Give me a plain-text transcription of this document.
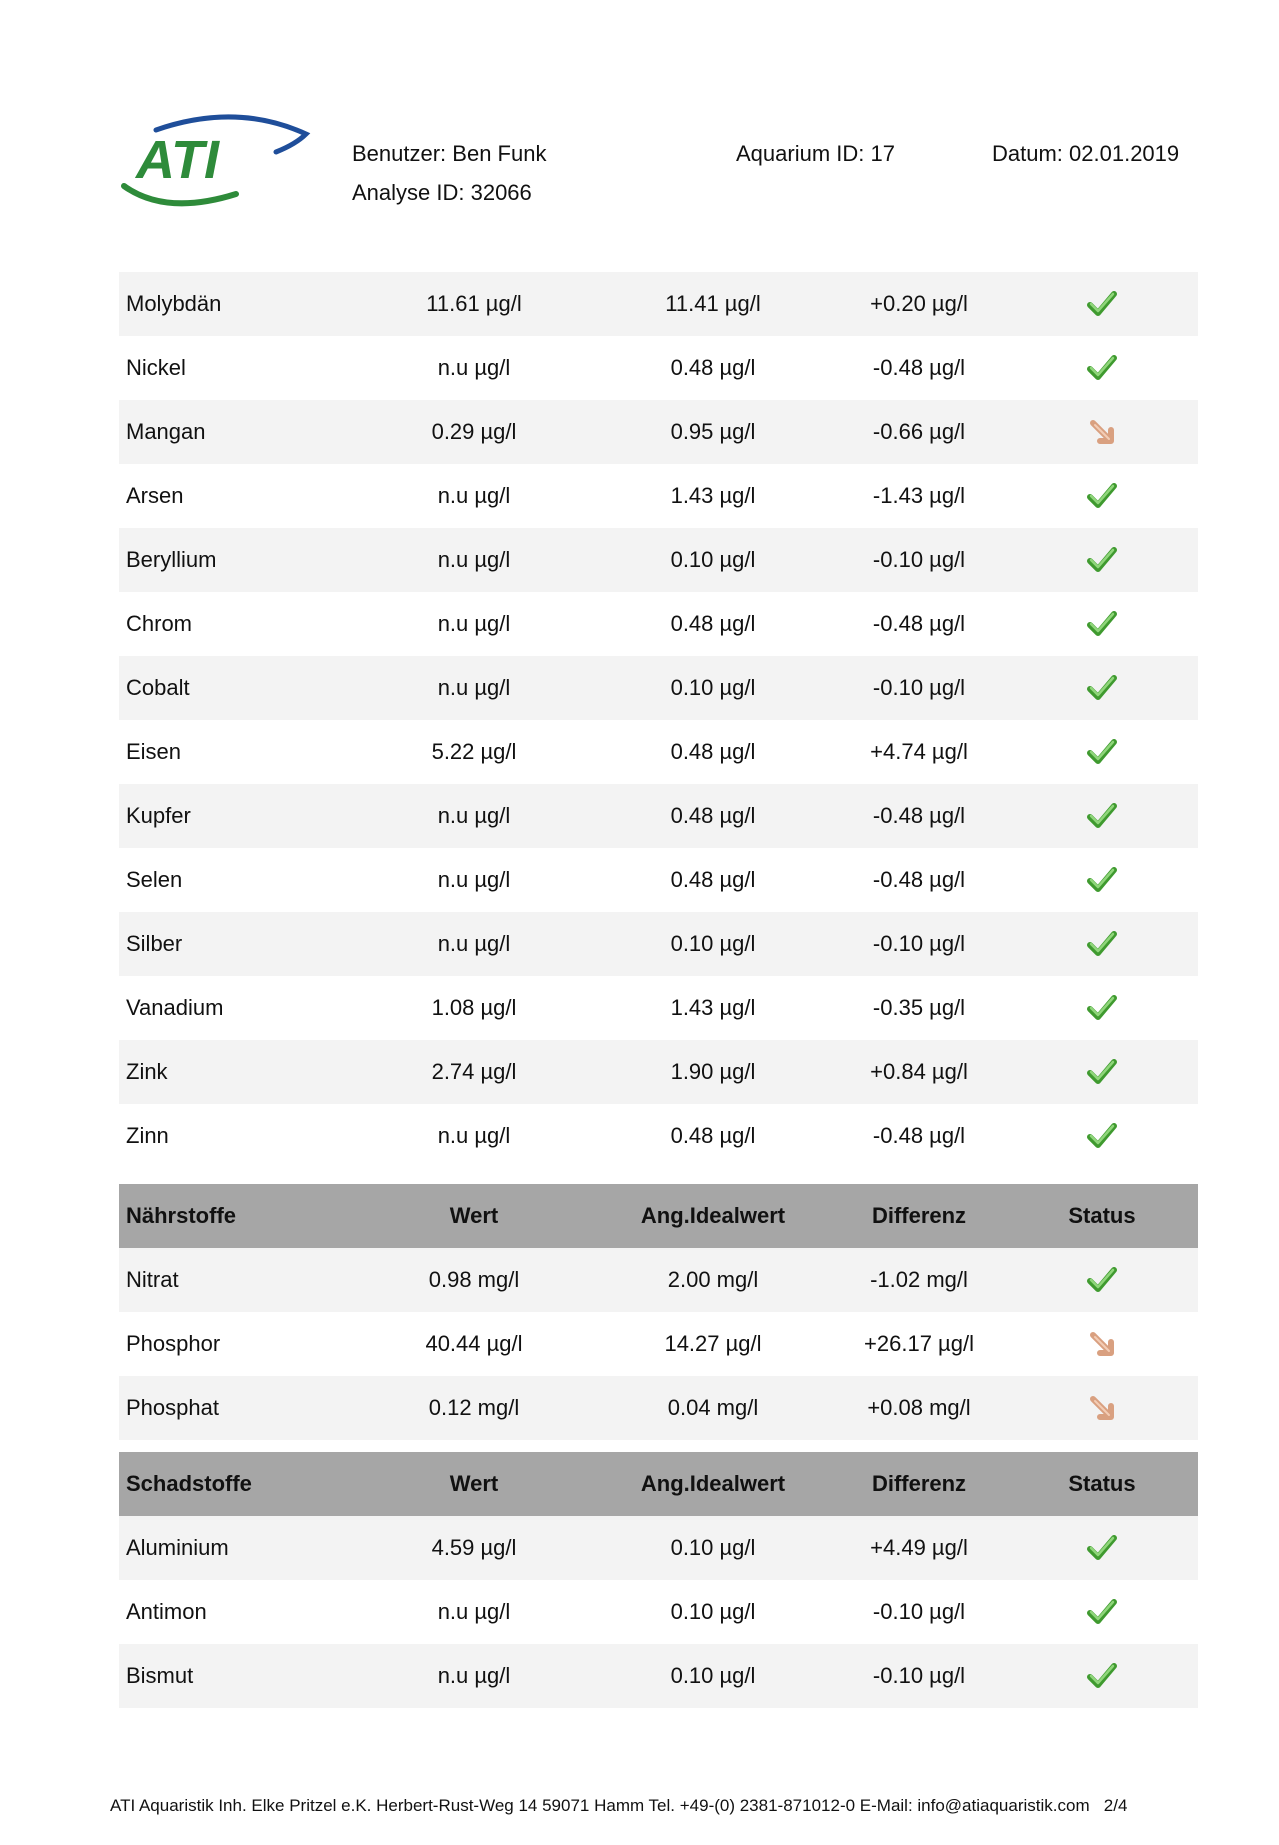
ATI	Benutzer: Ben Funk
Analyse ID: 32066
Aquarium ID: 17	Datum: 02.01.2019
Molybdän	11.61 µg/l	11.41 µg/l	+0.20 µg/l
Nickel	n.u µg/l	0.48 µg/l	-0.48 µg/l
Mangan	0.29 µg/l	0.95 µg/l	-0.66 µg/l
Arsen	n.u µg/l	1.43 µg/l	-1.43 µg/l
Beryllium	n.u µg/l	0.10 µg/l	-0.10 µg/l
Chrom	n.u µg/l	0.48 µg/l	-0.48 µg/l
Cobalt	n.u µg/l	0.10 µg/l	-0.10 µg/l
Eisen	5.22 µg/l	0.48 µg/l	+4.74 µg/l
Kupfer	n.u µg/l	0.48 µg/l	-0.48 µg/l
Selen	n.u µg/l	0.48 µg/l	-0.48 µg/l
Silber	n.u µg/l	0.10 µg/l	-0.10 µg/l
Vanadium	1.08 µg/l	1.43 µg/l	-0.35 µg/l
Zink	2.74 µg/l	1.90 µg/l	+0.84 µg/l
Zinn	n.u µg/l	0.48 µg/l	-0.48 µg/l
Nährstoffe	Wert	Ang.Idealwert	Differenz	Status
Nitrat	0.98 mg/l	2.00 mg/l	-1.02 mg/l
Phosphor	40.44 µg/l	14.27 µg/l	+26.17 µg/l
Phosphat	0.12 mg/l	0.04 mg/l	+0.08 mg/l
Schadstoffe	Wert	Ang.Idealwert	Differenz	Status
Aluminium	4.59 µg/l	0.10 µg/l	+4.49 µg/l
Antimon	n.u µg/l	0.10 µg/l	-0.10 µg/l
Bismut	n.u µg/l	0.10 µg/l	-0.10 µg/l
ATI Aquaristik Inh. Elke Pritzel e.K. Herbert-Rust-Weg 14 59071 Hamm Tel. +49-(0) 2381-871012-0 E-Mail: info@atiaquaristik.com 2/4
